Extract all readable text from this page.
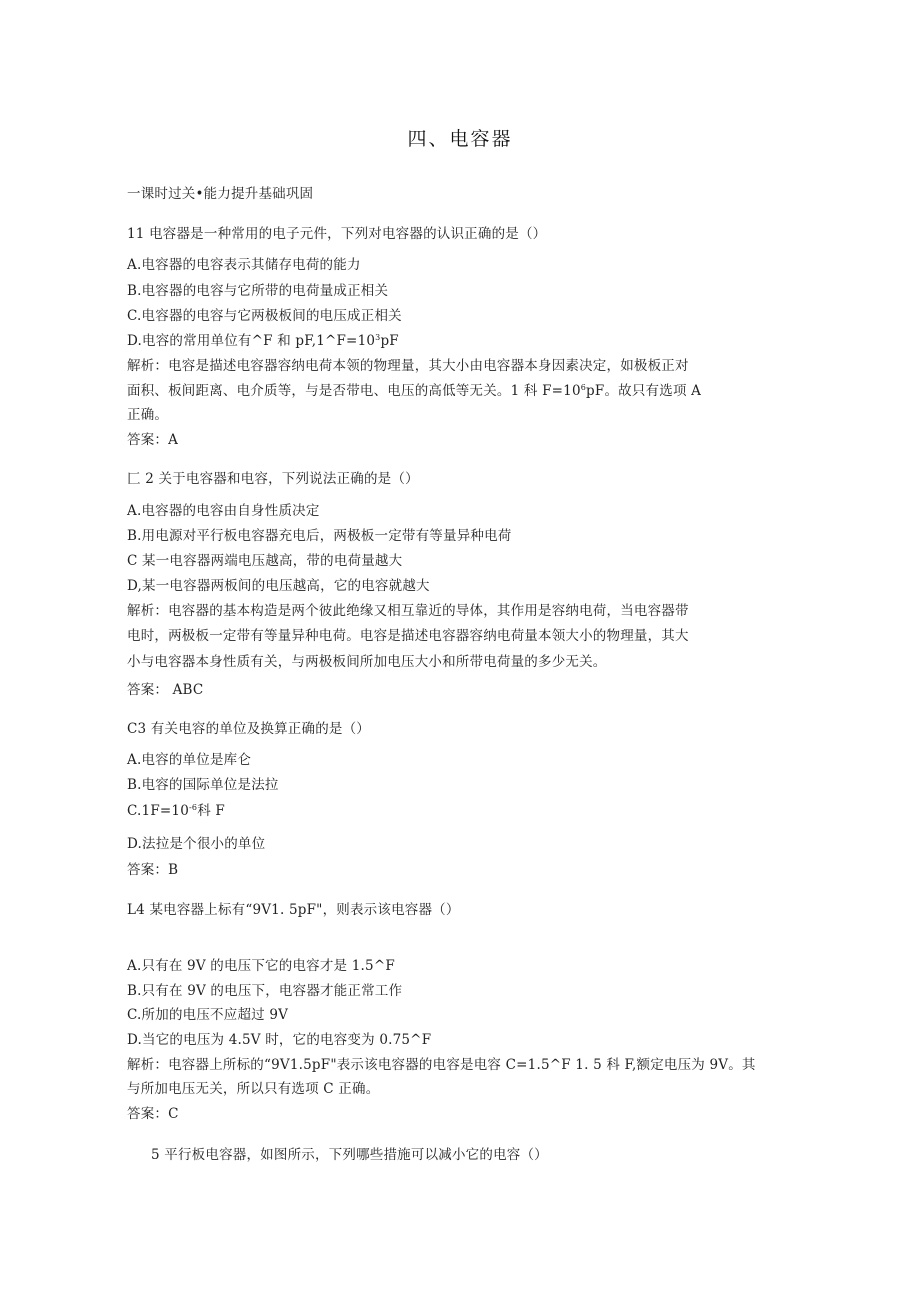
四、电容器
一课时过关•能力提升基础巩固
11 电容器是一种常用的电子元件，下列对电容器的认识正确的是（）
A.电容器的电容表示其储存电荷的能力
B.电容器的电容与它所带的电荷量成正相关
C.电容器的电容与它两极板间的电压成正相关
D.电容的常用单位有^F 和 $pF,1\^{}F=10^3pF$
解析：电容是描述电容器容纳电荷本领的物理量，其大小由电容器本身因素决定，如极板正对
面积、板间距离、电介质等，与是否带电、电压的高低等无关。1 科 $F=10^6pF$。故只有选项 A
正确。
答案：A
匚 2 关于电容器和电容，下列说法正确的是（）
A.电容器的电容由自身性质决定
B.用电源对平行板电容器充电后，两极板一定带有等量异种电荷
C 某一电容器两端电压越高，带的电荷量越大
D,某一电容器两板间的电压越高，它的电容就越大
解析：电容器的基本构造是两个彼此绝缘又相互靠近的导体，其作用是容纳电荷，当电容器带
电时，两极板一定带有等量异种电荷。电容是描述电容器容纳电荷量本领大小的物理量，其大
小与电容器本身性质有关，与两极板间所加电压大小和所带电荷量的多少无关。
答案： ABC
C3 有关电容的单位及换算正确的是（）
A.电容的单位是库仑
B.电容的国际单位是法拉
$C.1F=10^{-6}$科 F
D.法拉是个很小的单位
答案：B
L4 某电容器上标有“9V1. 5pF"，则表示该电容器（）
A.只有在 9V 的电压下它的电容才是 1.5^F
B.只有在 9V 的电压下，电容器才能正常工作
C.所加的电压不应超过 9V
D.当它的电压为 4.5V 时，它的电容变为 0.75^F
解析：电容器上所标的“9V1.5pF"表示该电容器的电容是电容 C=1.5^F 1. 5 科 F,额定电压为 9V。其
与所加电压无关，所以只有选项 C 正确。
答案：C
5 平行板电容器，如图所示，下列哪些措施可以减小它的电容（）
